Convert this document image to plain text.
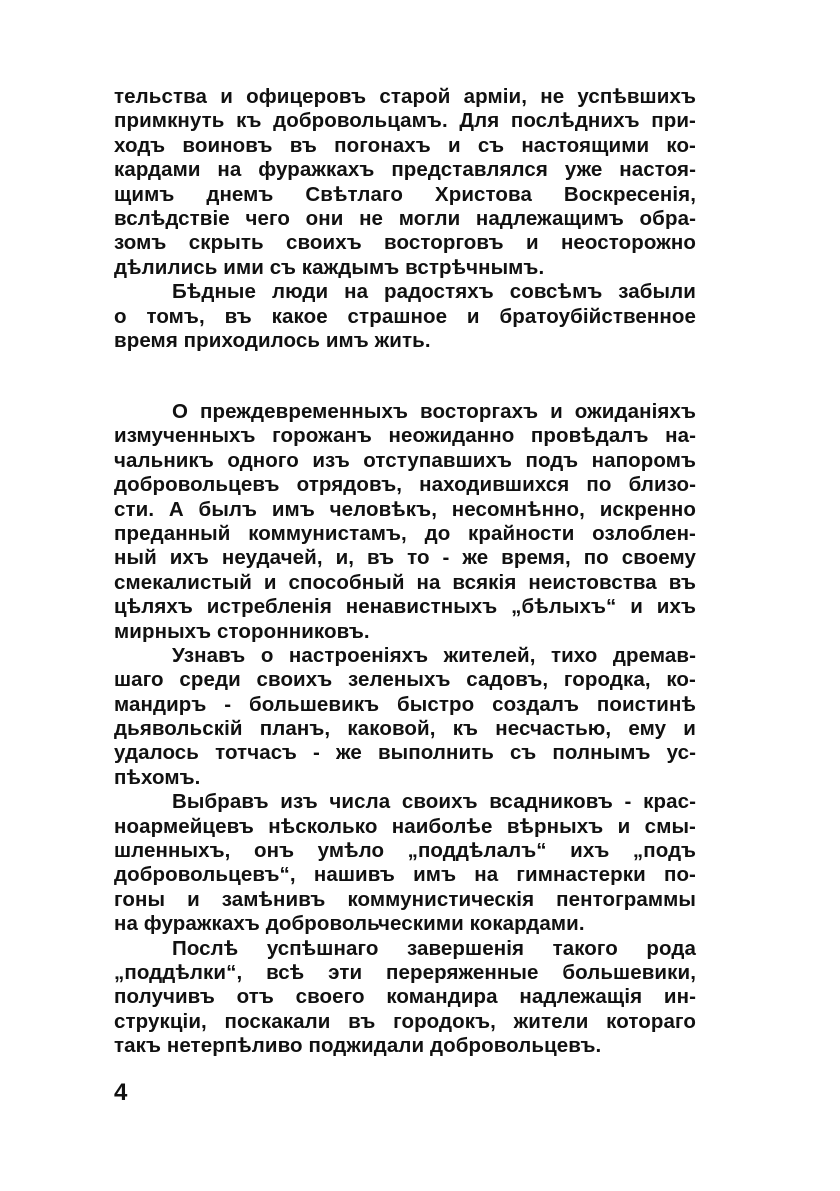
тельства и офицеровъ старой арміи, не успѣвшихъ
примкнуть къ добровольцамъ. Для послѣднихъ при-
ходъ воиновъ въ погонахъ и съ настоящими ко-
кардами на фуражкахъ представлялся уже настоя-
щимъ днемъ Свѣтлаго Христова Воскресенія,
вслѣдствіе чего они не могли надлежащимъ обра-
зомъ скрыть своихъ восторговъ и неосторожно
дѣлились ими съ каждымъ встрѣчнымъ.
Бѣдные люди на радостяхъ совсѣмъ забыли
о томъ, въ какое страшное и братоубійственное
время приходилось имъ жить.
О преждевременныхъ восторгахъ и ожиданіяхъ
измученныхъ горожанъ неожиданно провѣдалъ на-
чальникъ одного изъ отступавшихъ подъ напоромъ
добровольцевъ отрядовъ, находившихся по близо-
сти. А былъ имъ человѣкъ, несомнѣнно, искренно
преданный коммунистамъ, до крайности озлоблен-
ный ихъ неудачей, и, въ то - же время, по своему
смекалистый и способный на всякія неистовства въ
цѣляхъ истребленія ненавистныхъ „бѣлыхъ“ и ихъ
мирныхъ сторонниковъ.
Узнавъ о настроеніяхъ жителей, тихо дремав-
шаго среди своихъ зеленыхъ садовъ, городка, ко-
мандиръ - большевикъ быстро создалъ поистинѣ
дьявольскій планъ, каковой, къ несчастью, ему и
удалось тотчасъ - же выполнить съ полнымъ ус-
пѣхомъ.
Выбравъ изъ числа своихъ всадниковъ - крас-
ноармейцевъ нѣсколько наиболѣе вѣрныхъ и смы-
шленныхъ, онъ умѣло „поддѣлалъ“ ихъ „подъ
добровольцевъ“, нашивъ имъ на гимнастерки по-
гоны и замѣнивъ коммунистическія пентограммы
на фуражкахъ добровольческими кокардами.
Послѣ успѣшнаго завершенія такого рода
„поддѣлки“, всѣ эти переряженные большевики,
получивъ отъ своего командира надлежащія ин-
струкціи, поскакали въ городокъ, жители котораго
такъ нетерпѣливо поджидали добровольцевъ.
4
